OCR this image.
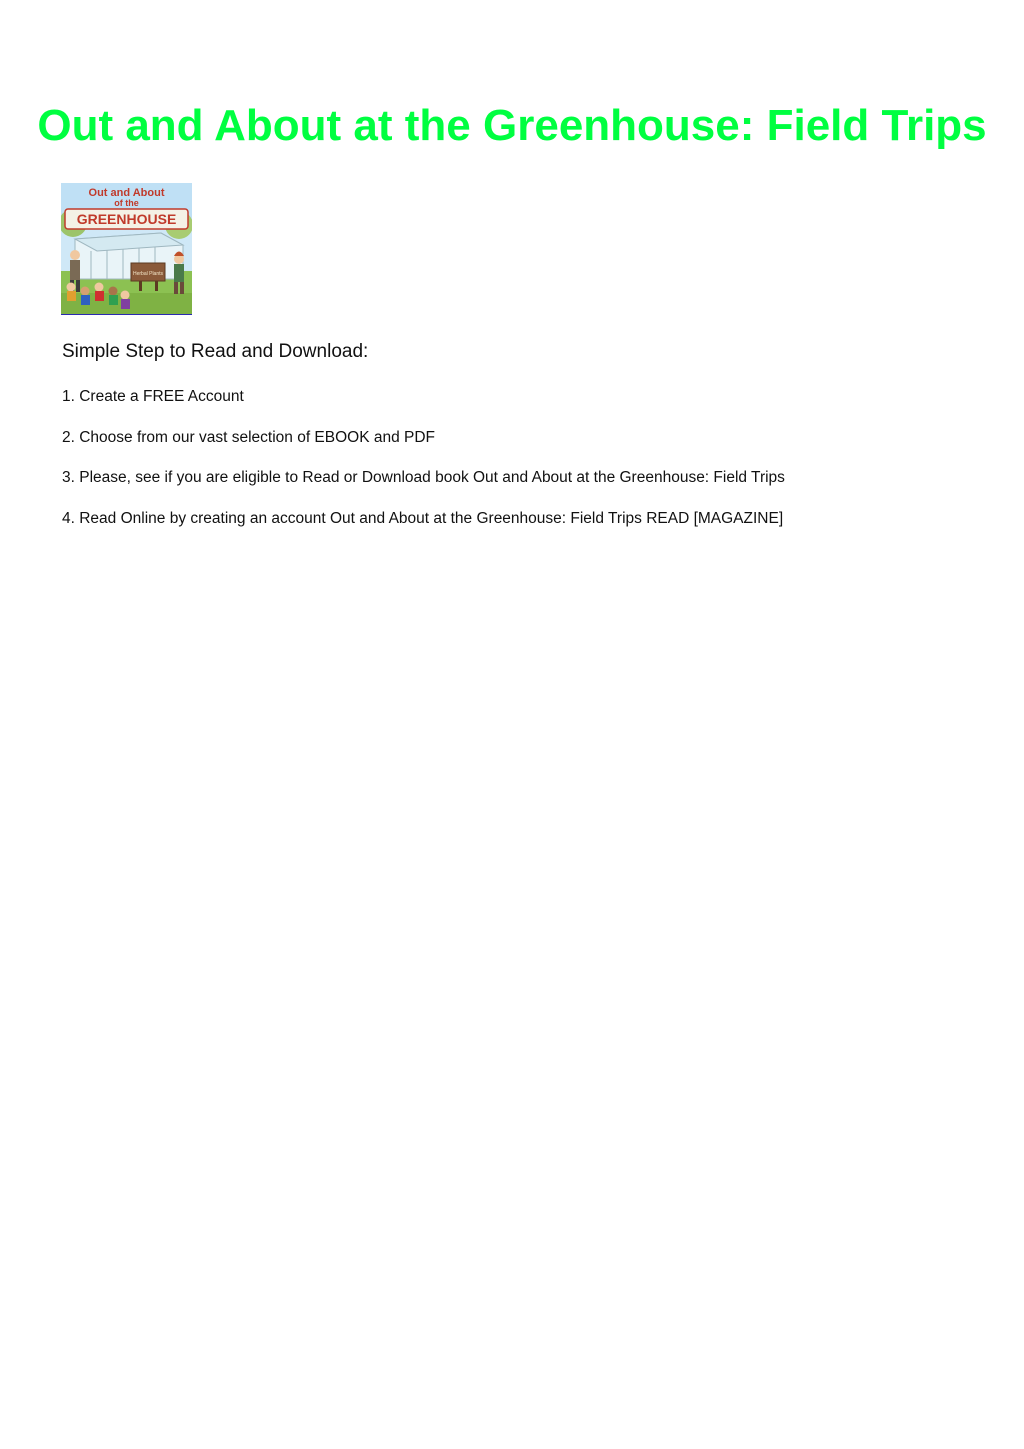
Out and About at the Greenhouse: Field Trips
GREENHOUSE
Out and About
of the
Herbal Plants
Simple Step to Read and Download:
1. Create a FREE Account
2. Choose from our vast selection of EBOOK and PDF
3. Please, see if you are eligible to Read or Download book Out and About at the Greenhouse: Field Trips
4. Read Online by creating an account Out and About at the Greenhouse: Field Trips READ [MAGAZINE]
